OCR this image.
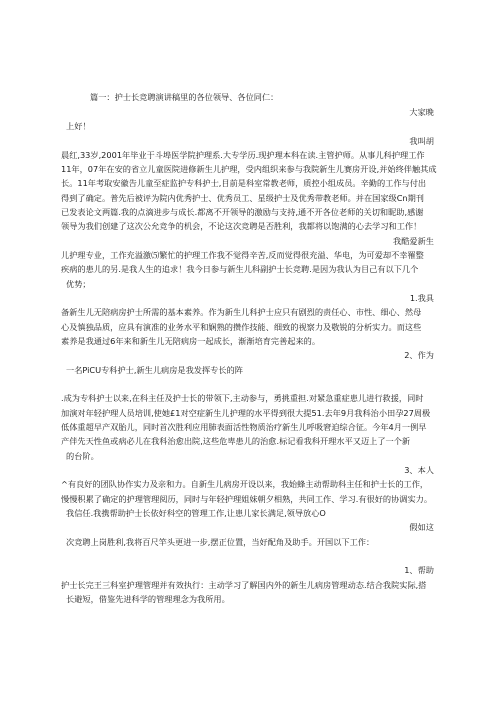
篇一：护士长竞聘演讲稿里的各位领导、各位同仁：
大家晚
上好！
我叫胡
晨红,33岁,2001年毕业于斗埠医学院护理系.大专学历.现护理本科在读.主管护师。从事儿科护理工作
11年，07年在安的省立儿童医院进修新生儿护理，受内组织来参与我院新生儿赛房开设,并始终伴触其成
长。11年考取安徽告儿童至症监护专科护士,目前是科室常教老师，质控小组成员。辛勤的工作与付出
得到了确定。普先后被评为院内优秀护士、优秀员工、星级护士及优秀带教老师。并在国家级Cn期刊
已发表论文两篇.我的点滴进步与成长.都离不开领导的激励与支持,通不开各位老师的关切和昵助,感谢
领导为我们创建了这次公允竞争的机会，不论这次竞聘是否胜利，我都将以饱满的心去学习和工作！
我酷爱新生
儿护理专业，工作充溢激⑸繁忙的护理工作我不觉得辛苦,反而觉得很充溢、华电，为可爱却不幸罹整
疾病的患儿的另.是我人生的追求！我今日参与新生儿科副护士长竞聘.是因为我认为目己有以下几个
优势；
1.我具
备新生儿无陪病房护士所需的基本素养。作为新生儿科护士应只有剧烈的责任心、市性、细心、然母
心及慎独品质，应具有演准的业务水平和娴熟的攒作技能、细致的视察力及敬锐的分析实力。而这些
素养是我通过6年来和新生儿无陪病房一起成长，渐渐培育完善起来的。
2、作为
一名PiCU专科护士,新生儿病房是我发挥专长的阵
.成为专科护士以来,在科主任及护士长的带领下,主动参与，勇挑重担.对紧急重症患儿进行救援，同时
加演对年轻护理人员培训,使她£1对空症新生儿护理的水平得到很大提51.去年9月我科治小田孕27周极
低体重超早产双胎儿，同时首次胜利应用肺表面活性物质治疗新生儿呼吸窘迫综合征。今年4月一例早
产伴先天性鱼或病必儿在我科治愈出院,这些危卑患儿的治愈.标记看我科开理水平又迈上了一个新
的台阶。
3、本人
^有良好的团队协作实力及亲和力。自新生儿病房开设以来，我始蜂主动帮助科主任和护士长的工作，
慢慢积累了确定的护理管理阅历，同时与年轻护理姐妹朝夕相熟，共同工作、学习.有很好的协调实力。
我信任.我携帮助护士长依好科空的管理工作,让患儿家长满足,领导放心O
假如这
次竞聘上岗胜利,我将百尺竿头更进一步,摆正位置，当好配角及助手。开国以下工作：
1、帮助
护士长完王三科室护理管理并有效执行：主动学习了解国内外的新生儿病房管理动态.结合我院实际,搭
长避短，借鉴先进科学的管理理念为我所用。
